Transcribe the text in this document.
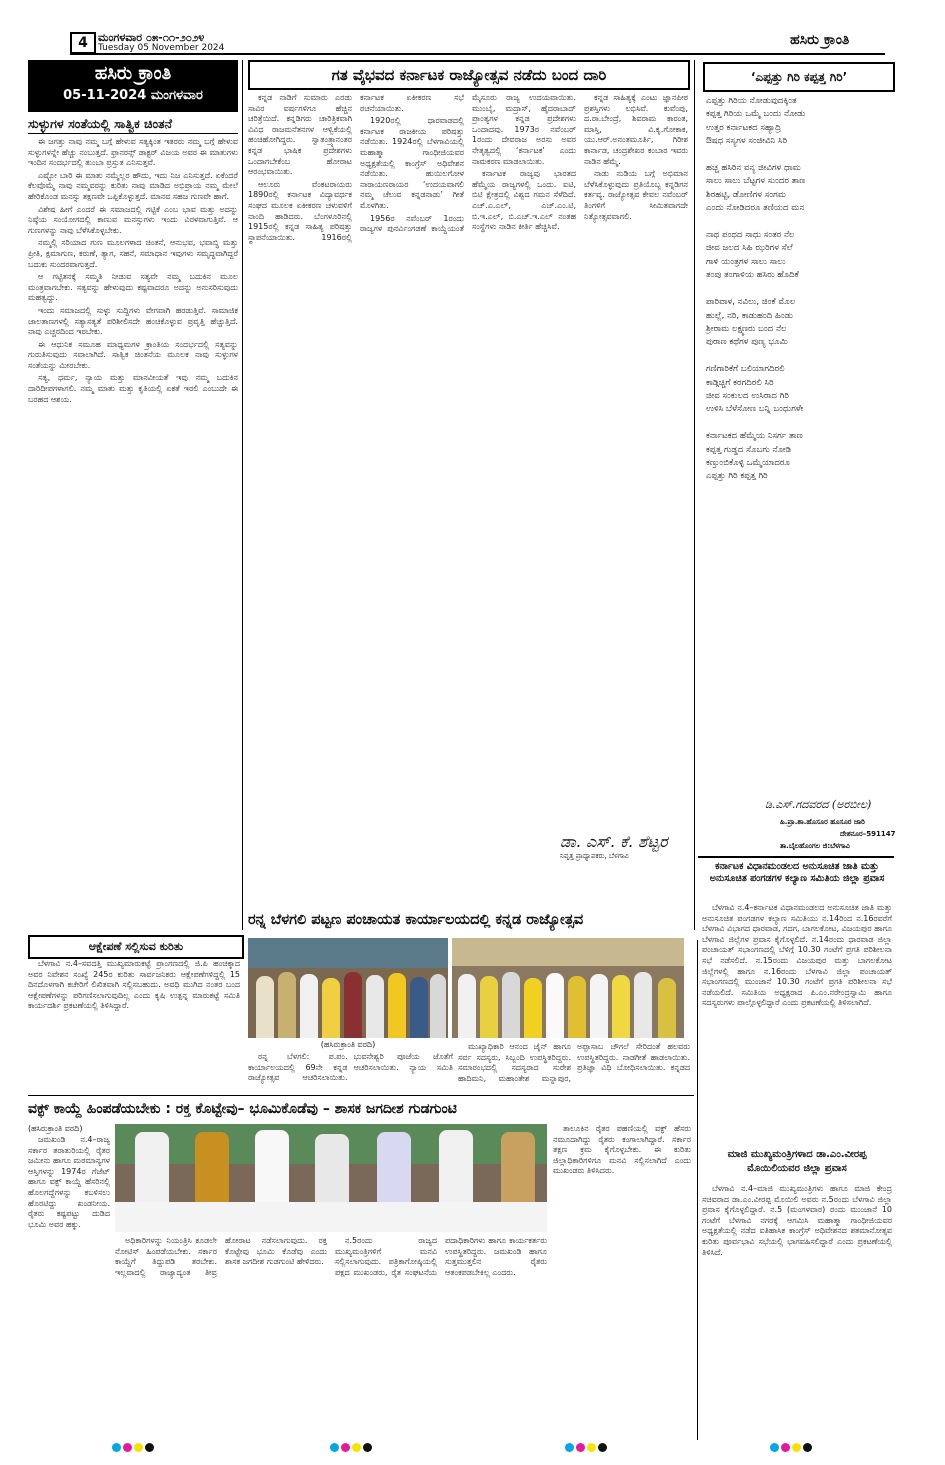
4 ಮಂಗಳವಾರ ೦೫-೧೧-೨೦೨೪
Tuesday 05 November 2024	ಹಸಿರು ಕ್ರಾಂತಿ
ಹಸಿರು ಕ್ರಾಂತಿ
05-11-2024 ಮಂಗಳವಾರ
ಸುಳ್ಳುಗಳ ಸಂತೆಯಲ್ಲಿ ಸಾತ್ವಿಕ ಚಿಂತನೆ

ಈ ಜಗತ್ತು ನಾವು ನಮ್ಮ ಬಗ್ಗೆ ಹೇಳುವ ಸತ್ಯಕ್ಕಿಂತ ಇತರರು ನಮ್ಮ ಬಗ್ಗೆ ಹೇಳುವ ಸುಳ್ಳುಗಳನ್ನೇ ಹೆಚ್ಚು ನಂಬುತ್ತದೆ. ಫ್ರಾನರನ್ಸ್ ಡಾಕ್ಟರ್ ವಿಜಯ ಅವರ ಈ ಮಾತುಗಳು ಇಂದಿನ ಸಂದರ್ಭದಲ್ಲಿ ತುಂಬಾ ಪ್ರಸ್ತುತ ಎನಿಸುತ್ತವೆ.

ಎಷ್ಟೋ ಬಾರಿ ಈ ಮಾತು ನಮ್ಮೆಲ್ಲರ ಹೌದು, ಇದು ನಿಜ ಎನಿಸುತ್ತದೆ. ಏಕೆಂದರೆ ಕೆಲವೊಮ್ಮೆ ನಾವು ನಮ್ಮವರನ್ನು ಕುರಿತು ನಾವು ಮಾಡಿದ ಅಭಿಪ್ರಾಯ ನಮ್ಮ ಮೇಲೆ ಹೇರಿಕೊಂಡ ಮನಸ್ಸು ತಕ್ಷಣವೇ ಒಪ್ಪಿಕೊಳ್ಳುತ್ತದೆ. ಮಾನವ ಸಹಜ ಗುಣವೇ ಹಾಗೆ.

ವಿಶೇಷ ಹೀಗೆ ಎಂದರೆ ಈ ಸಮಾಜದಲ್ಲಿ ಗಟ್ಟಿಕೆ ಎಂಬ ಭಾವ ಮತ್ತು ಅದನ್ನು ನಿಷ್ಠೆಯ ಸಂಯೋಗದಲ್ಲಿ ಕಾಣುವ ಮನಸ್ಸುಗಳು ಇಂದು ವಿರಳವಾಗುತ್ತಿವೆ. ಆ ಗುಣಗಳನ್ನು ನಾವು ಬೆಳೆಸಿಕೊಳ್ಳಬೇಕು.

ನಮ್ಮಲ್ಲಿ ಸರಿಯಾದ ಗುಣ ಮೂಲಗಳಾದ ಚಿಂತನೆ, ಆನುಭವ, ಭವಾಬ್ಧಿ ಮತ್ತು ಪ್ರೀತಿ, ಕ್ಷಮಾಗುಣ, ಕರುಣೆ, ತ್ಯಾಗ, ಸಹನೆ, ಸಮಾಧಾನ ಇವುಗಳು ಸಮೃದ್ಧವಾಗಿದ್ದರೆ ಬದುಕು ಸುಂದರವಾಗುತ್ತದೆ.

ಆ ಗಟ್ಟಿತನಕ್ಕೆ ಸಮ್ಮತಿ ನೀಡುವ ಸತ್ಯವೇ ನಮ್ಮ ಬದುಕಿನ ಮೂಲ ಮಂತ್ರವಾಗಬೇಕು. ಸತ್ಯವನ್ನು ಹೇಳುವುದು ಕಷ್ಟವಾದರೂ ಅದನ್ನು ಅನುಸರಿಸುವುದು ಮಹತ್ವದ್ದು.

ಇಂದು ಸಮಾಜದಲ್ಲಿ ಸುಳ್ಳು ಸುದ್ದಿಗಳು ವೇಗವಾಗಿ ಹರಡುತ್ತಿವೆ. ಸಾಮಾಜಿಕ ಜಾಲತಾಣಗಳಲ್ಲಿ ಸತ್ಯಾಸತ್ಯತೆ ಪರಿಶೀಲಿಸದೇ ಹಂಚಿಕೊಳ್ಳುವ ಪ್ರವೃತ್ತಿ ಹೆಚ್ಚುತ್ತಿದೆ. ನಾವು ಎಚ್ಚರದಿಂದ ಇರಬೇಕು.

ಈ ಆಧುನಿಕ ಸಮೂಹ ಮಾಧ್ಯಮಗಳ ಕ್ರಾಂತಿಯ ಸಂದರ್ಭದಲ್ಲಿ ಸತ್ಯವನ್ನು ಗುರುತಿಸುವುದು ಸವಾಲಾಗಿದೆ. ಸಾತ್ವಿಕ ಚಿಂತನೆಯ ಮೂಲಕ ನಾವು ಸುಳ್ಳುಗಳ ಸಂತೆಯನ್ನು ಮೀರಬೇಕು.

ಸತ್ಯ, ಧರ್ಮ, ನ್ಯಾಯ ಮತ್ತು ಮಾನವೀಯತೆ ಇವು ನಮ್ಮ ಬದುಕಿನ ದಾರಿದೀಪಗಳಾಗಲಿ. ನಮ್ಮ ಮಾತು ಮತ್ತು ಕೃತಿಯಲ್ಲಿ ಏಕತೆ ಇರಲಿ ಎಂಬುದೇ ಈ ಬರಹದ ಆಶಯ.

ಗತ ವೈಭವದ ಕರ್ನಾಟಕ ರಾಜ್ಯೋತ್ಸವ ನಡೆದು ಬಂದ ದಾರಿ

ಕನ್ನಡ ನಾಡಿಗೆ ಸುಮಾರು ಎರಡು ಸಾವಿರ ವರ್ಷಗಳಿಗೂ ಹೆಚ್ಚಿನ ಚರಿತ್ರೆಯಿದೆ. ಕನ್ನಡಿಗರು ಚಾರಿತ್ರಿಕವಾಗಿ ವಿವಿಧ ರಾಜಮನೆತನಗಳ ಆಳ್ವಿಕೆಯಲ್ಲಿ ಹಂಚಿಹೋಗಿದ್ದರು. ಸ್ವಾತಂತ್ರ್ಯಾನಂತರ ಕನ್ನಡ ಭಾಷಿಕ ಪ್ರದೇಶಗಳು ಒಂದಾಗಬೇಕೆಂಬ ಹೋರಾಟ ಆರಂಭವಾಯಿತು.

ಆಲೂರು ವೆಂಕಟರಾಯರು 1890ರಲ್ಲಿ ಕರ್ನಾಟಕ ವಿದ್ಯಾವರ್ಧಕ ಸಂಘದ ಮೂಲಕ ಏಕೀಕರಣ ಚಳುವಳಿಗೆ ನಾಂದಿ ಹಾಡಿದರು. ಬೆಂಗಳೂರಿನಲ್ಲಿ 1915ರಲ್ಲಿ ಕನ್ನಡ ಸಾಹಿತ್ಯ ಪರಿಷತ್ತು ಸ್ಥಾಪನೆಯಾಯಿತು. 1916ರಲ್ಲಿ ಕರ್ನಾಟಕ ಏಕೀಕರಣ ಸಭೆ ರಚನೆಯಾಯಿತು.

1920ರಲ್ಲಿ ಧಾರವಾಡದಲ್ಲಿ ಕರ್ನಾಟಕ ರಾಜಕೀಯ ಪರಿಷತ್ತು ನಡೆಯಿತು. 1924ರಲ್ಲಿ ಬೆಳಗಾವಿಯಲ್ಲಿ ಮಹಾತ್ಮಾ ಗಾಂಧೀಜಿಯವರ ಅಧ್ಯಕ್ಷತೆಯಲ್ಲಿ ಕಾಂಗ್ರೆಸ್ ಅಧಿವೇಶನ ನಡೆಯಿತು. ಹುಯಿಲಗೋಳ ನಾರಾಯಣರಾಯರ ‘ಉದಯವಾಗಲಿ ನಮ್ಮ ಚೆಲುವ ಕನ್ನಡನಾಡು’ ಗೀತೆ ಮೊಳಗಿತು.

1956ರ ನವೆಂಬರ್ 1ರಂದು ರಾಜ್ಯಗಳ ಪುನರ್ವಿಂಗಡಣೆ ಕಾಯ್ದೆಯಂತೆ ಮೈಸೂರು ರಾಜ್ಯ ಉದಯವಾಯಿತು. ಮುಂಬೈ, ಮದ್ರಾಸ್, ಹೈದರಾಬಾದ್ ಪ್ರಾಂತ್ಯಗಳ ಕನ್ನಡ ಪ್ರದೇಶಗಳು ಒಂದಾದವು. 1973ರ ನವೆಂಬರ್ 1ರಂದು ದೇವರಾಜ ಅರಸು ಅವರ ನೇತೃತ್ವದಲ್ಲಿ ‘ಕರ್ನಾಟಕ’ ಎಂದು ನಾಮಕರಣ ಮಾಡಲಾಯಿತು.

ಕರ್ನಾಟಕ ರಾಜ್ಯವು ಭಾರತದ ಹೆಮ್ಮೆಯ ರಾಜ್ಯಗಳಲ್ಲಿ ಒಂದು. ಐಟಿ, ಬಿಟಿ ಕ್ಷೇತ್ರದಲ್ಲಿ ವಿಶ್ವದ ಗಮನ ಸೆಳೆದಿದೆ. ಎಚ್.ಎ.ಎಲ್, ಎಚ್.ಎಂ.ಟಿ, ಬಿ.ಇ.ಎಲ್, ಬಿ.ಎಚ್.ಇ.ಎಲ್ ನಂತಹ ಸಂಸ್ಥೆಗಳು ನಾಡಿನ ಕೀರ್ತಿ ಹೆಚ್ಚಿಸಿವೆ.

ಕನ್ನಡ ಸಾಹಿತ್ಯಕ್ಕೆ ಎಂಟು ಜ್ಞಾನಪೀಠ ಪ್ರಶಸ್ತಿಗಳು ಲಭಿಸಿವೆ. ಕುವೆಂಪು, ದ.ರಾ.ಬೇಂದ್ರೆ, ಶಿವರಾಮ ಕಾರಂತ, ಮಾಸ್ತಿ, ವಿ.ಕೃ.ಗೋಕಾಕ, ಯು.ಆರ್.ಅನಂತಮೂರ್ತಿ, ಗಿರೀಶ ಕಾರ್ನಾಡ, ಚಂದ್ರಶೇಖರ ಕಂಬಾರ ಇವರು ನಾಡಿನ ಹೆಮ್ಮೆ.

ನಾಡು ನುಡಿಯ ಬಗ್ಗೆ ಅಭಿಮಾನ ಬೆಳೆಸಿಕೊಳ್ಳುವುದು ಪ್ರತಿಯೊಬ್ಬ ಕನ್ನಡಿಗನ ಕರ್ತವ್ಯ. ರಾಜ್ಯೋತ್ಸವ ಕೇವಲ ನವೆಂಬರ್ ತಿಂಗಳಿಗೆ ಸೀಮಿತವಾಗದೇ ನಿತ್ಯೋತ್ಸವವಾಗಲಿ.

ಡಾ. ಎಸ್. ಕೆ. ಶೆಟ್ಟರ
ನಿವೃತ್ತ ಪ್ರಾಧ್ಯಾಪಕರು, ಬೆಳಗಾವಿ
‘ಎಪ್ಪತ್ತು ಗಿರಿ ಕಪ್ಪತ್ತ ಗಿರಿ’
ಎಪ್ಪತ್ತು ಗಿರಿಯ ನೋಡುವುದಕ್ಕಿಂತ
ಕಪ್ಪತ್ತ ಗಿರಿಯ ಒಮ್ಮೆ ಬಂದು ನೋಡು
ಉತ್ತರ ಕರ್ನಾಟಕದ ಸಹ್ಯಾದ್ರಿ
ಔಷಧ ಸಸ್ಯಗಳ ಸಂಜೀವಿನಿ ಸಿರಿ

ಹಚ್ಚ ಹಸಿರಿನ ವನ್ಯ ಜೀವಿಗಳ ಧಾಮ
ಸಾಲು ಸಾಲು ಬೆಟ್ಟಗಳ ಸುಂದರ ತಾಣ
ಶಿರಹಟ್ಟಿ, ಡೋಣಿಗಳ ಸಂಗಮ
ಎಂದು ನೋಡಿದರೂ ತಣಿಯದ ಮನ

ನಾಥ ಪಂಥದ ಸಾಧು ಸಂತರ ನೆಲ
ಜೀವ ಜಲದ ಸಿಹಿ ಝರಿಗಳ ಸೆಲೆ
ಗಾಳಿ ಯಂತ್ರಗಳ ಸಾಲು ಸಾಲು
ತಂಪು ತಂಗಾಳಿಯ ಹಸಿರು ಹೊದಿಕೆ

ಪಾರಿವಾಳ, ನವಿಲು, ಜಿಂಕೆ ಮೊಲ
ಹುಲ್ಲೆ, ನರಿ, ಕಾಡುಹಂದಿ ಹಿಂಡು
ಶ್ರೀರಾಮ ಲಕ್ಷ್ಮಣರು ಬಂದ ನೆಲ
ಪುರಾಣ ಕಥೆಗಳ ಪುಣ್ಯ ಭೂಮಿ

ಗಣಿಗಾರಿಕೆಗೆ ಬಲಿಯಾಗದಿರಲಿ
ಕಾಡ್ಗಿಚ್ಚಿಗೆ ಕರಗದಿರಲಿ ಸಿರಿ
ಜೀವ ಸಂಕುಲದ ಉಸಿರಾದ ಗಿರಿ
ಉಳಿಸಿ ಬೆಳೆಸೋಣ ಬನ್ನಿ ಬಂಧುಗಳೇ

ಕರ್ನಾಟಕದ ಹೆಮ್ಮೆಯ ನಿಸರ್ಗ ತಾಣ
ಕಪ್ಪತ್ತ ಗುಡ್ಡದ ಸೊಬಗು ನೋಡಿ
ಕಣ್ತುಂಬಿಕೊಳ್ಳಿ ಒಮ್ಮೆಯಾದರೂ
ಎಪ್ಪತ್ತು ಗಿರಿ ಕಪ್ಪತ್ತ ಗಿರಿ
ಡಿ.ಎಸ್.ಗದವರದ (ಅರಬೀಲ)
ಹಿ.ಪ್ರಾ.ಶಾ.ಹೊಸೂರ ಹೂಸೂರ ಜಾರಿ
ದೇಶನೂರ–591147
ತಾ.ಬೈಲಹೊಂಗಲ ಜಿ:ಬೆಳಗಾವಿ
ಕರ್ನಾಟಕ ವಿಧಾನಮಂಡಲದ ಅನುಸೂಚಿತ ಜಾತಿ ಮತ್ತು ಅನುಸೂಚಿತ ಪಂಗಡಗಳ ಕಲ್ಯಾಣ ಸಮಿತಿಯ ಜಿಲ್ಲಾ ಪ್ರವಾಸ

ಬೆಳಗಾವಿ ನ.4–ಕರ್ನಾಟಕ ವಿಧಾನಮಂಡಲದ ಅನುಸೂಚಿತ ಜಾತಿ ಮತ್ತು ಅನುಸೂಚಿತ ಪಂಗಡಗಳ ಕಲ್ಯಾಣ ಸಮಿತಿಯು ನ.14ರಿಂದ ನ.16ರವರೆಗೆ ಬೆಳಗಾವಿ ವಿಭಾಗದ ಧಾರವಾಡ, ಗದಗ, ಬಾಗಲಕೋಟ, ವಿಜಯಪುರ ಹಾಗೂ ಬೆಳಗಾವಿ ಜಿಲ್ಲೆಗಳ ಪ್ರವಾಸ ಕೈಗೊಳ್ಳಲಿದೆ. ನ.14ರಂದು ಧಾರವಾಡ ಜಿಲ್ಲಾ ಪಂಚಾಯತ್ ಸಭಾಂಗಣದಲ್ಲಿ ಬೆಳಿಗ್ಗೆ 10.30 ಗಂಟೆಗೆ ಪ್ರಗತಿ ಪರಿಶೀಲನಾ ಸಭೆ ನಡೆಸಲಿದೆ. ನ.15ರಂದು ವಿಜಯಪುರ ಮತ್ತು ಬಾಗಲಕೋಟ ಜಿಲ್ಲೆಗಳಲ್ಲಿ ಹಾಗೂ ನ.16ರಂದು ಬೆಳಗಾವಿ ಜಿಲ್ಲಾ ಪಂಚಾಯತ್ ಸಭಾಂಗಣದಲ್ಲಿ ಮುಂಜಾನೆ 10.30 ಗಂಟೆಗೆ ಪ್ರಗತಿ ಪರಿಶೀಲನಾ ಸಭೆ ನಡೆಯಲಿದೆ. ಸಮಿತಿಯ ಅಧ್ಯಕ್ಷರಾದ ಪಿ.ಎಂ.ನರೇಂದ್ರಸ್ವಾಮಿ ಹಾಗೂ ಸದಸ್ಯರುಗಳು ಪಾಲ್ಗೊಳ್ಳಲಿದ್ದಾರೆ ಎಂದು ಪ್ರಕಟಣೆಯಲ್ಲಿ ತಿಳಿಸಲಾಗಿದೆ.

ಮಾಜಿ ಮುಖ್ಯಮಂತ್ರಿಗಳಾದ ಡಾ.ಎಂ.ವೀರಪ್ಪ ಮೊಯಿಲಿಯವರ ಜಿಲ್ಲಾ ಪ್ರವಾಸ

ಬೆಳಗಾವಿ ನ.4–ಮಾಜಿ ಮುಖ್ಯಮಂತ್ರಿಗಳು ಹಾಗೂ ಮಾಜಿ ಕೇಂದ್ರ ಸಚಿವರಾದ ಡಾ.ಎಂ.ವೀರಪ್ಪ ಮೊಯಿಲಿ ಅವರು ನ.5ರಂದು ಬೆಳಗಾವಿ ಜಿಲ್ಲಾ ಪ್ರವಾಸ ಕೈಗೊಳ್ಳಲಿದ್ದಾರೆ. ನ.5 (ಮಂಗಳವಾರ) ರಂದು ಮುಂಜಾನೆ 10 ಗಂಟೆಗೆ ಬೆಳಗಾವಿ ನಗರಕ್ಕೆ ಆಗಮಿಸಿ ಮಹಾತ್ಮಾ ಗಾಂಧೀಜಿಯವರ ಅಧ್ಯಕ್ಷತೆಯಲ್ಲಿ ನಡೆದ ಐತಿಹಾಸಿಕ ಕಾಂಗ್ರೆಸ್ ಅಧಿವೇಶನದ ಶತಮಾನೋತ್ಸವ ಕುರಿತು ಪೂರ್ವಭಾವಿ ಸಭೆಯಲ್ಲಿ ಭಾಗವಹಿಸಲಿದ್ದಾರೆ ಎಂದು ಪ್ರಕಟಣೆಯಲ್ಲಿ ತಿಳಿಸಿದೆ.

ಆಕ್ಷೇಪಣೆ ಸಲ್ಲಿಸುವ ಕುರಿತು

ಬೆಳಗಾವಿ ನ.4–ಸವದತ್ತಿ ಮುಖ್ಯಮಾರುಕಟ್ಟೆ ಪ್ರಾಂಗಣದಲ್ಲಿ ಜಿ.ಪಿ ಹಂಚಿಕ್ಕಾದ ಅವರ ನಿವೇಶನ ಸಂಖ್ಯೆ 245ರ ಕುರಿತು ಸಾರ್ವಜನಿಕರು ಆಕ್ಷೇಪಣೆಗಳಿದ್ದಲ್ಲಿ 15 ದಿನದೊಳಗಾಗಿ ಕಚೇರಿಗೆ ಲಿಖಿತವಾಗಿ ಸಲ್ಲಿಸಬಹುದು. ಅವಧಿ ಮುಗಿದ ನಂತರ ಬಂದ ಆಕ್ಷೇಪಣೆಗಳನ್ನು ಪರಿಗಣಿಸಲಾಗುವುದಿಲ್ಲ ಎಂದು ಕೃಷಿ ಉತ್ಪನ್ನ ಮಾರುಕಟ್ಟೆ ಸಮಿತಿ ಕಾರ್ಯದರ್ಶಿ ಪ್ರಕಟಣೆಯಲ್ಲಿ ತಿಳಿಸಿದ್ದಾರೆ.

ರನ್ನ ಬೆಳಗಲಿ ಪಟ್ಟಣ ಪಂಚಾಯತ ಕಾರ್ಯಾಲಯದಲ್ಲಿ ಕನ್ನಡ ರಾಜ್ಯೋತ್ಸವ
(ಹಸಿರುಕ್ರಾಂತಿ ವರದಿ)

ರನ್ನ ಬೆಳಗಲಿ: ಪ.ಪಂ. ಕಾರ್ಯಾಲಯದಲ್ಲಿ 69ನೇ ಕನ್ನಡ ರಾಜ್ಯೋತ್ಸವ ಆಚರಿಸಲಾಯಿತು. ಭುವನೇಶ್ವರಿ ಪೂಜೆಯ ಜೊತೆಗೆ ಆಚರಿಸಲಾಯಿತು. ನ್ಯಾಯ ಸಮಿತಿ

ಮುಖ್ಯಾಧಿಕಾರಿ ಆನಂದ ಜೈನ್ ಹಾಗೂ ಸರ್ವ ಸದಸ್ಯರು, ಸಿಬ್ಬಂದಿ ಉಪಸ್ಥಿತರಿದ್ದರು. ಸಮಾರಂಭದಲ್ಲಿ ಸದಸ್ಯರಾದ ಸುರೇಶ ಹಾದಿಮನಿ, ಮಹಾಂತೇಶ ಮನ್ನಾಪುರ, ಅಪ್ಪಾಸಾಬ ಚೌಗಲೆ ಸೇರಿದಂತೆ ಹಲವರು ಉಪಸ್ಥಿತರಿದ್ದರು. ನಾಡಗೀತೆ ಹಾಡಲಾಯಿತು. ಪ್ರತಿಜ್ಞಾ ವಿಧಿ ಬೋಧಿಸಲಾಯಿತು. ಕನ್ನಡದ

ವಕ್ಫ್ ಕಾಯ್ದೆ ಹಿಂಪಡೆಯಬೇಕು : ರಕ್ತ ಕೊಟ್ಟೇವು– ಭೂಮಿಕೊಡೆವು – ಶಾಸಕ ಜಗದೀಶ ಗುಡಗುಂಟಿ
(ಹಸಿರುಕ್ರಾಂತಿ ವರದಿ)

ಜಮಖಂಡಿ ನ.4–ರಾಜ್ಯ ಸರ್ಕಾರ ತರಾತುರಿಯಲ್ಲಿ ರೈತರ ಜಮೀನು ಹಾಗೂ ಮಠಮಾನ್ಯಗಳ ಆಸ್ತಿಗಳನ್ನು 1974ರ ಗೆಜೆಟ್ ಹಾಗೂ ವಕ್ಫ್ ಕಾಯ್ದೆ ಹೆಸರಿನಲ್ಲಿ ಹೊಲಗದ್ದೆಗಳನ್ನು ಕಬಳಿಸಲು ಹೊರಟಿದ್ದು ಖಂಡನೀಯ. ರೈತರು ಕಷ್ಟಪಟ್ಟು ದುಡಿದ ಭೂಮಿ ಅವರ ಹಕ್ಕು.

ಅಧಿಕಾರಿಗಳನ್ನು ನಿಯಂತ್ರಿಸಿ ಕೂಡಲೇ ನೋಟಿಸ್ ಹಿಂಪಡೆಯಬೇಕು. ಸರ್ಕಾರ ಕಾಯ್ದೆಗೆ ತಿದ್ದುಪಡಿ ತರಬೇಕು. ಇಲ್ಲವಾದಲ್ಲಿ ರಾಜ್ಯಾದ್ಯಂತ ತೀವ್ರ ಹೋರಾಟ ನಡೆಸಲಾಗುವುದು. ರಕ್ತ ಕೊಟ್ಟೇವು ಭೂಮಿ ಕೊಡೆವು ಎಂದು ಶಾಸಕ ಜಗದೀಶ ಗುಡಗುಂಟಿ ಹೇಳಿದರು.

ನ.5ರಂದು ರಾಜ್ಯದ ಮುಖ್ಯಮಂತ್ರಿಗಳಿಗೆ ಮನವಿ ಸಲ್ಲಿಸಲಾಗುವುದು. ಪತ್ರಿಕಾಗೋಷ್ಠಿಯಲ್ಲಿ ಪಕ್ಷದ ಮುಖಂಡರು, ರೈತ ಸಂಘಟನೆಯ ಪದಾಧಿಕಾರಿಗಳು ಹಾಗೂ ಕಾರ್ಯಕರ್ತರು ಉಪಸ್ಥಿತರಿದ್ದರು. ಜಮಖಂಡಿ ಹಾಗೂ ಸುತ್ತಮುತ್ತಲಿನ ರೈತರು ಆತಂಕಪಡಬೇಕಿಲ್ಲ ಎಂದರು.

ತಾಲೂಕಿನ ರೈತರ ಪಹಣಿಯಲ್ಲಿ ವಕ್ಫ್ ಹೆಸರು ನಮೂದಾಗಿದ್ದು ರೈತರು ಕಂಗಾಲಾಗಿದ್ದಾರೆ. ಸರ್ಕಾರ ತಕ್ಷಣ ಕ್ರಮ ಕೈಗೊಳ್ಳಬೇಕು. ಈ ಕುರಿತು ಜಿಲ್ಲಾಧಿಕಾರಿಗಳಿಗೂ ಮನವಿ ಸಲ್ಲಿಸಲಾಗಿದೆ ಎಂದು ಮುಖಂಡರು ತಿಳಿಸಿದರು.
